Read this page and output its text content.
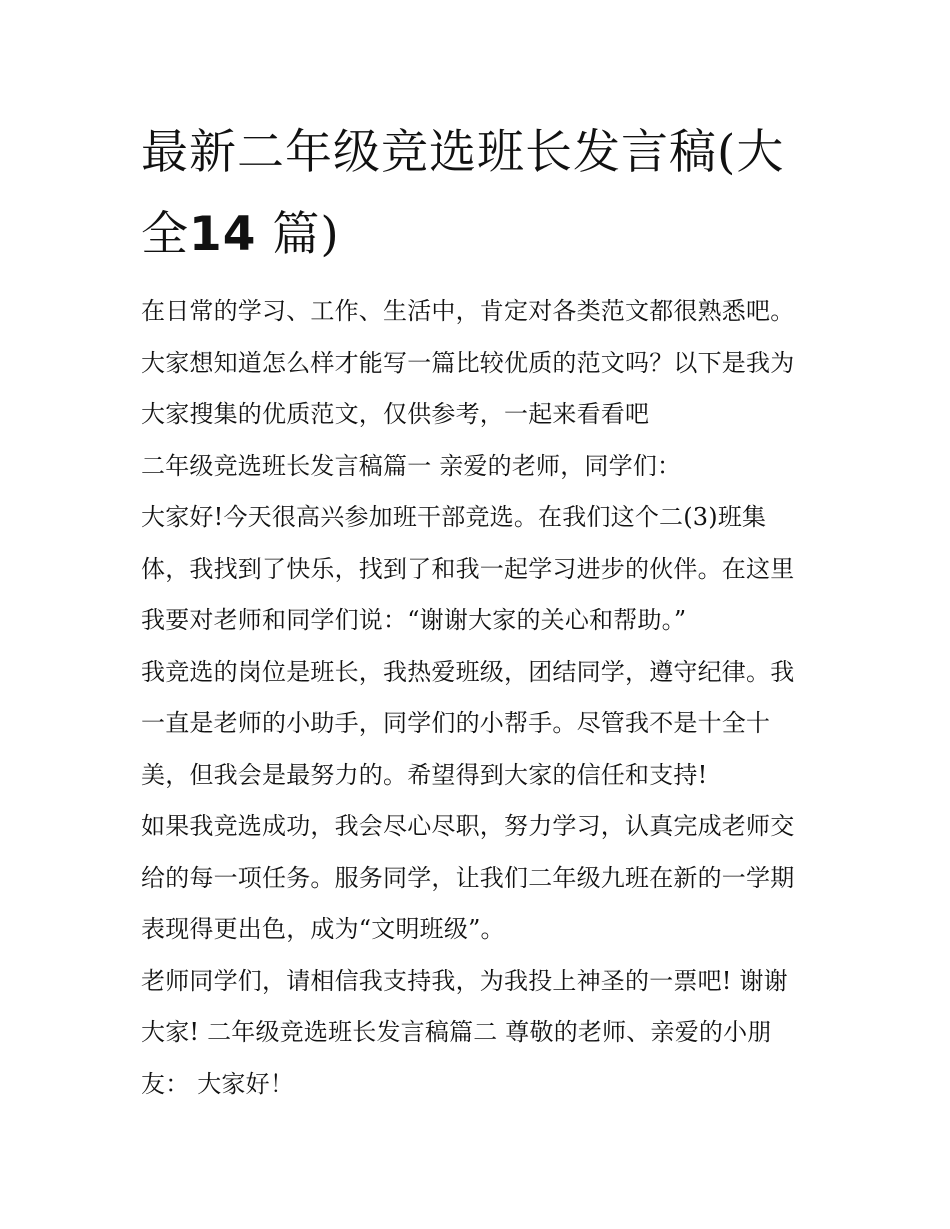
最新二年级竞选班长发言稿(大
全14 篇)
在日常的学习、工作、生活中，肯定对各类范文都很熟悉吧。
大家想知道怎么样才能写一篇比较优质的范文吗？以下是我为
大家搜集的优质范文，仅供参考，一起来看看吧
二年级竞选班长发言稿篇一 亲爱的老师，同学们：
大家好!今天很高兴参加班干部竞选。在我们这个二(3)班集
体，我找到了快乐，找到了和我一起学习进步的伙伴。在这里
我要对老师和同学们说：“谢谢大家的关心和帮助。”
我竞选的岗位是班长，我热爱班级，团结同学，遵守纪律。我
一直是老师的小助手，同学们的小帮手。尽管我不是十全十
美，但我会是最努力的。希望得到大家的信任和支持!
如果我竞选成功，我会尽心尽职，努力学习，认真完成老师交
给的每一项任务。服务同学，让我们二年级九班在新的一学期
表现得更出色，成为“文明班级”。
老师同学们，请相信我支持我，为我投上神圣的一票吧! 谢谢
大家! 二年级竞选班长发言稿篇二 尊敬的老师、亲爱的小朋
友： 大家好！
